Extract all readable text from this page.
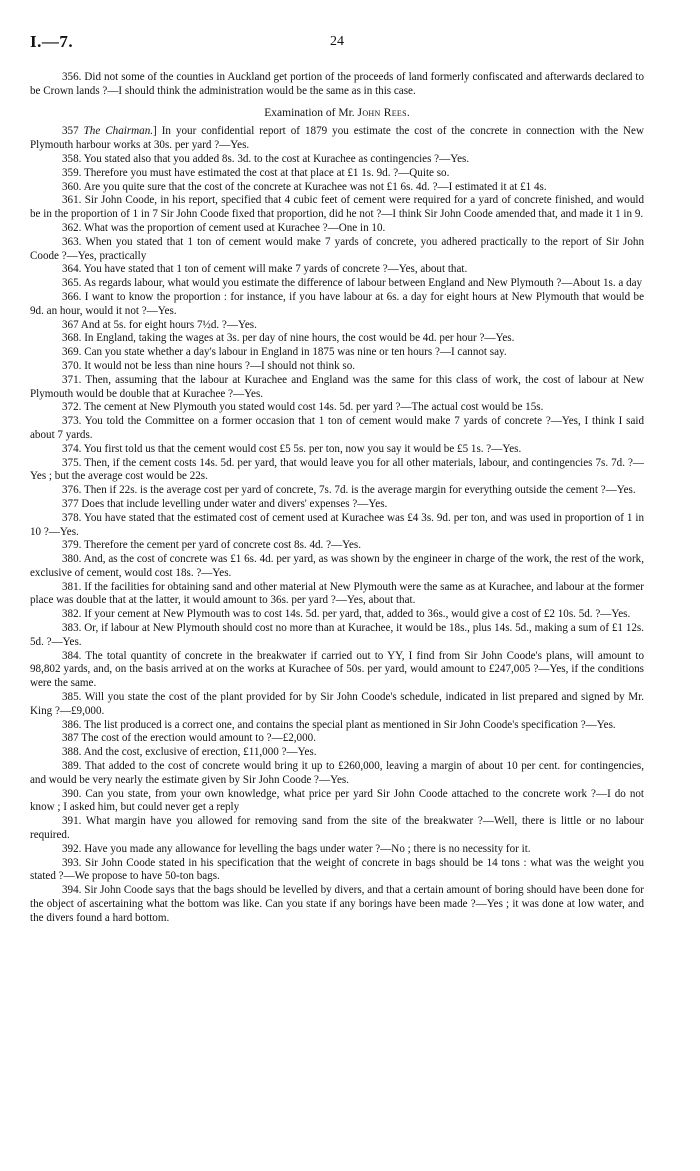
I.—7.	24

356. Did not some of the counties in Auckland get portion of the proceeds of land formerly confiscated and afterwards declared to be Crown lands ?—I should think the administration would be the same as in this case.

Examination of Mr. John Rees.

357 The Chairman.] In your confidential report of 1879 you estimate the cost of the concrete in connection with the New Plymouth harbour works at 30s. per yard ?—Yes.

358. You stated also that you added 8s. 3d. to the cost at Kurachee as contingencies ?—Yes.

359. Therefore you must have estimated the cost at that place at £1 1s. 9d. ?—Quite so.

360. Are you quite sure that the cost of the concrete at Kurachee was not £1 6s. 4d. ?—I estimated it at £1 4s.

361. Sir John Coode, in his report, specified that 4 cubic feet of cement were required for a yard of concrete finished, and would be in the proportion of 1 in 7 Sir John Coode fixed that proportion, did he not ?—I think Sir John Coode amended that, and made it 1 in 9.

362. What was the proportion of cement used at Kurachee ?—One in 10.

363. When you stated that 1 ton of cement would make 7 yards of concrete, you adhered practically to the report of Sir John Coode ?—Yes, practically

364. You have stated that 1 ton of cement will make 7 yards of concrete ?—Yes, about that.

365. As regards labour, what would you estimate the difference of labour between England and New Plymouth ?—About 1s. a day

366. I want to know the proportion : for instance, if you have labour at 6s. a day for eight hours at New Plymouth that would be 9d. an hour, would it not ?—Yes.

367 And at 5s. for eight hours 7½d. ?—Yes.

368. In England, taking the wages at 3s. per day of nine hours, the cost would be 4d. per hour ?—Yes.

369. Can you state whether a day's labour in England in 1875 was nine or ten hours ?—I cannot say.

370. It would not be less than nine hours ?—I should not think so.

371. Then, assuming that the labour at Kurachee and England was the same for this class of work, the cost of labour at New Plymouth would be double that at Kurachee ?—Yes.

372. The cement at New Plymouth you stated would cost 14s. 5d. per yard ?—The actual cost would be 15s.

373. You told the Committee on a former occasion that 1 ton of cement would make 7 yards of concrete ?—Yes, I think I said about 7 yards.

374. You first told us that the cement would cost £5 5s. per ton, now you say it would be £5 1s. ?—Yes.

375. Then, if the cement costs 14s. 5d. per yard, that would leave you for all other materials, labour, and contingencies 7s. 7d. ?—Yes ; but the average cost would be 22s.

376. Then if 22s. is the average cost per yard of concrete, 7s. 7d. is the average margin for everything outside the cement ?—Yes.

377 Does that include levelling under water and divers' expenses ?—Yes.

378. You have stated that the estimated cost of cement used at Kurachee was £4 3s. 9d. per ton, and was used in proportion of 1 in 10 ?—Yes.

379. Therefore the cement per yard of concrete cost 8s. 4d. ?—Yes.

380. And, as the cost of concrete was £1 6s. 4d. per yard, as was shown by the engineer in charge of the work, the rest of the work, exclusive of cement, would cost 18s. ?—Yes.

381. If the facilities for obtaining sand and other material at New Plymouth were the same as at Kurachee, and labour at the former place was double that at the latter, it would amount to 36s. per yard ?—Yes, about that.

382. If your cement at New Plymouth was to cost 14s. 5d. per yard, that, added to 36s., would give a cost of £2 10s. 5d. ?—Yes.

383. Or, if labour at New Plymouth should cost no more than at Kurachee, it would be 18s., plus 14s. 5d., making a sum of £1 12s. 5d. ?—Yes.

384. The total quantity of concrete in the breakwater if carried out to YY, I find from Sir John Coode's plans, will amount to 98,802 yards, and, on the basis arrived at on the works at Kurachee of 50s. per yard, would amount to £247,005 ?—Yes, if the conditions were the same.

385. Will you state the cost of the plant provided for by Sir John Coode's schedule, indicated in list prepared and signed by Mr. King ?—£9,000.

386. The list produced is a correct one, and contains the special plant as mentioned in Sir John Coode's specification ?—Yes.

387 The cost of the erection would amount to ?—£2,000.

388. And the cost, exclusive of erection, £11,000 ?—Yes.

389. That added to the cost of concrete would bring it up to £260,000, leaving a margin of about 10 per cent. for contingencies, and would be very nearly the estimate given by Sir John Coode ?—Yes.

390. Can you state, from your own knowledge, what price per yard Sir John Coode attached to the concrete work ?—I do not know ; I asked him, but could never get a reply

391. What margin have you allowed for removing sand from the site of the breakwater ?—Well, there is little or no labour required.

392. Have you made any allowance for levelling the bags under water ?—No ; there is no necessity for it.

393. Sir John Coode stated in his specification that the weight of concrete in bags should be 14 tons : what was the weight you stated ?—We propose to have 50-ton bags.

394. Sir John Coode says that the bags should be levelled by divers, and that a certain amount of boring should have been done for the object of ascertaining what the bottom was like. Can you state if any borings have been made ?—Yes ; it was done at low water, and the divers found a hard bottom.
